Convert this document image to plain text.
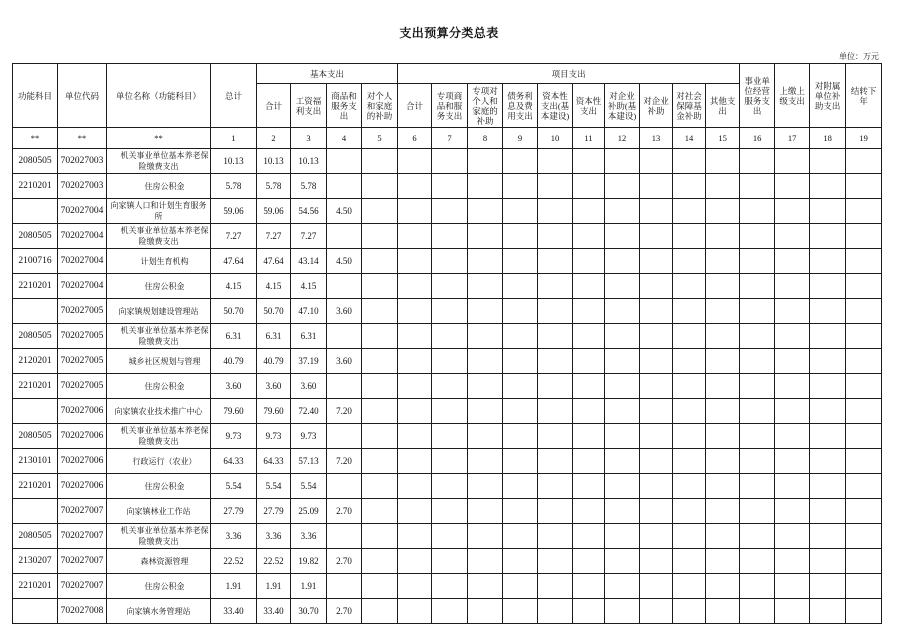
支出预算分类总表
单位：万元
功能科目	单位代码	单位名称（功能科目）	总计	基本支出				项目支出										事业单位经营服务支出	上缴上级支出	对附属单位补助支出	结转下年
				合计	工资福利支出	商品和服务支出	对个人和家庭的补助	合计	专项商品和服务支出	专项对个人和家庭的补助	债务利息及费用支出	资本性支出(基本建设)	资本性支出	对企业补助(基本建设)	对企业补助	对社会保障基金补助	其他支出				
**	**	**	1	2	3	4	5	6	7	8	9	10	11	12	13	14	15	16	17	18	19
2080505	702027003	机关事业单位基本养老保险缴费支出	10.13	10.13	10.13																
2210201	702027003	住房公积金	5.78	5.78	5.78																
	702027004	向家镇人口和计划生育服务所	59.06	59.06	54.56	4.50															
2080505	702027004	机关事业单位基本养老保险缴费支出	7.27	7.27	7.27																
2100716	702027004	计划生育机构	47.64	47.64	43.14	4.50															
2210201	702027004	住房公积金	4.15	4.15	4.15																
	702027005	向家镇规划建设管理站	50.70	50.70	47.10	3.60															
2080505	702027005	机关事业单位基本养老保险缴费支出	6.31	6.31	6.31																
2120201	702027005	城乡社区规划与管理	40.79	40.79	37.19	3.60															
2210201	702027005	住房公积金	3.60	3.60	3.60																
	702027006	向家镇农业技术推广中心	79.60	79.60	72.40	7.20															
2080505	702027006	机关事业单位基本养老保险缴费支出	9.73	9.73	9.73																
2130101	702027006	行政运行（农业）	64.33	64.33	57.13	7.20															
2210201	702027006	住房公积金	5.54	5.54	5.54																
	702027007	向家镇林业工作站	27.79	27.79	25.09	2.70															
2080505	702027007	机关事业单位基本养老保险缴费支出	3.36	3.36	3.36																
2130207	702027007	森林资源管理	22.52	22.52	19.82	2.70															
2210201	702027007	住房公积金	1.91	1.91	1.91																
	702027008	向家镇水务管理站	33.40	33.40	30.70	2.70															
